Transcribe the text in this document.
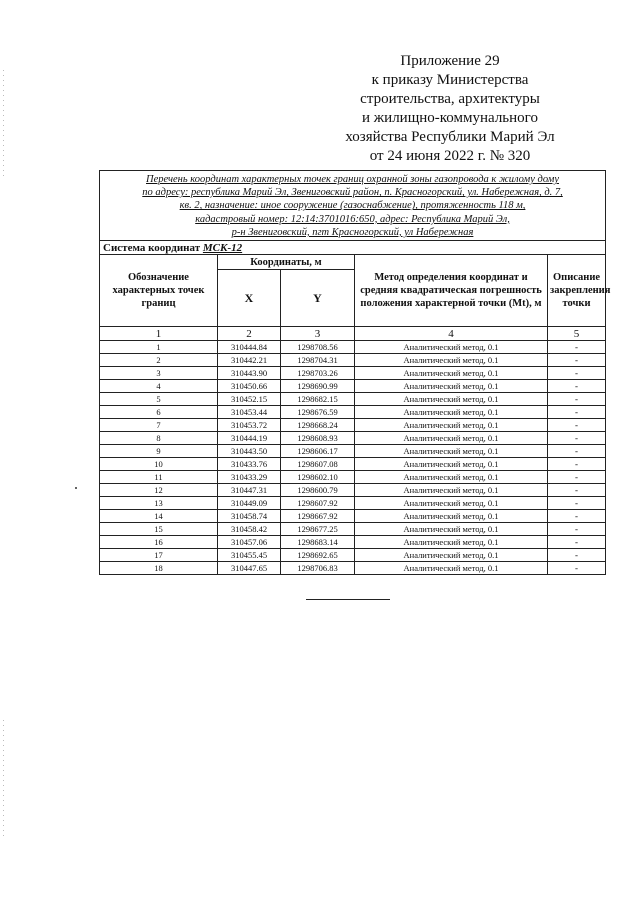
Приложение 29
к приказу Министерства
строительства, архитектуры
и жилищно-коммунального
хозяйства Республики Марий Эл
от 24 июня 2022 г. № 320
Перечень координат характерных точек границ охранной зоны газопровода к жилому дому
по адресу: республика Марий Эл, Звениговский район, п. Красногорский, ул. Набережная, д. 7,
кв. 2, назначение: иное сооружение (газоснабжение), протяженность 118 м,
кадастровый номер: 12:14:3701016:650, адрес: Республика Марий Эл,
р-н Звениговский, пгт Красногорский, ул Набережная				
Система координат МСК-12				
Обозначение характерных точек границ	Координаты, м		Метод определения координат и средняя квадратическая погрешность положения характерной точки (Mt), м	Описание закрепления точки
	X	Y		
1	2	3	4	5
1	310444.84	1298708.56	Аналитический метод, 0.1	-
2	310442.21	1298704.31	Аналитический метод, 0.1	-
3	310443.90	1298703.26	Аналитический метод, 0.1	-
4	310450.66	1298690.99	Аналитический метод, 0.1	-
5	310452.15	1298682.15	Аналитический метод, 0.1	-
6	310453.44	1298676.59	Аналитический метод, 0.1	-
7	310453.72	1298668.24	Аналитический метод, 0.1	-
8	310444.19	1298608.93	Аналитический метод, 0.1	-
9	310443.50	1298606.17	Аналитический метод, 0.1	-
10	310433.76	1298607.08	Аналитический метод, 0.1	-
11	310433.29	1298602.10	Аналитический метод, 0.1	-
12	310447.31	1298600.79	Аналитический метод, 0.1	-
13	310449.09	1298607.92	Аналитический метод, 0.1	-
14	310458.74	1298667.92	Аналитический метод, 0.1	-
15	310458.42	1298677.25	Аналитический метод, 0.1	-
16	310457.06	1298683.14	Аналитический метод, 0.1	-
17	310455.45	1298692.65	Аналитический метод, 0.1	-
18	310447.65	1298706.83	Аналитический метод, 0.1	-
